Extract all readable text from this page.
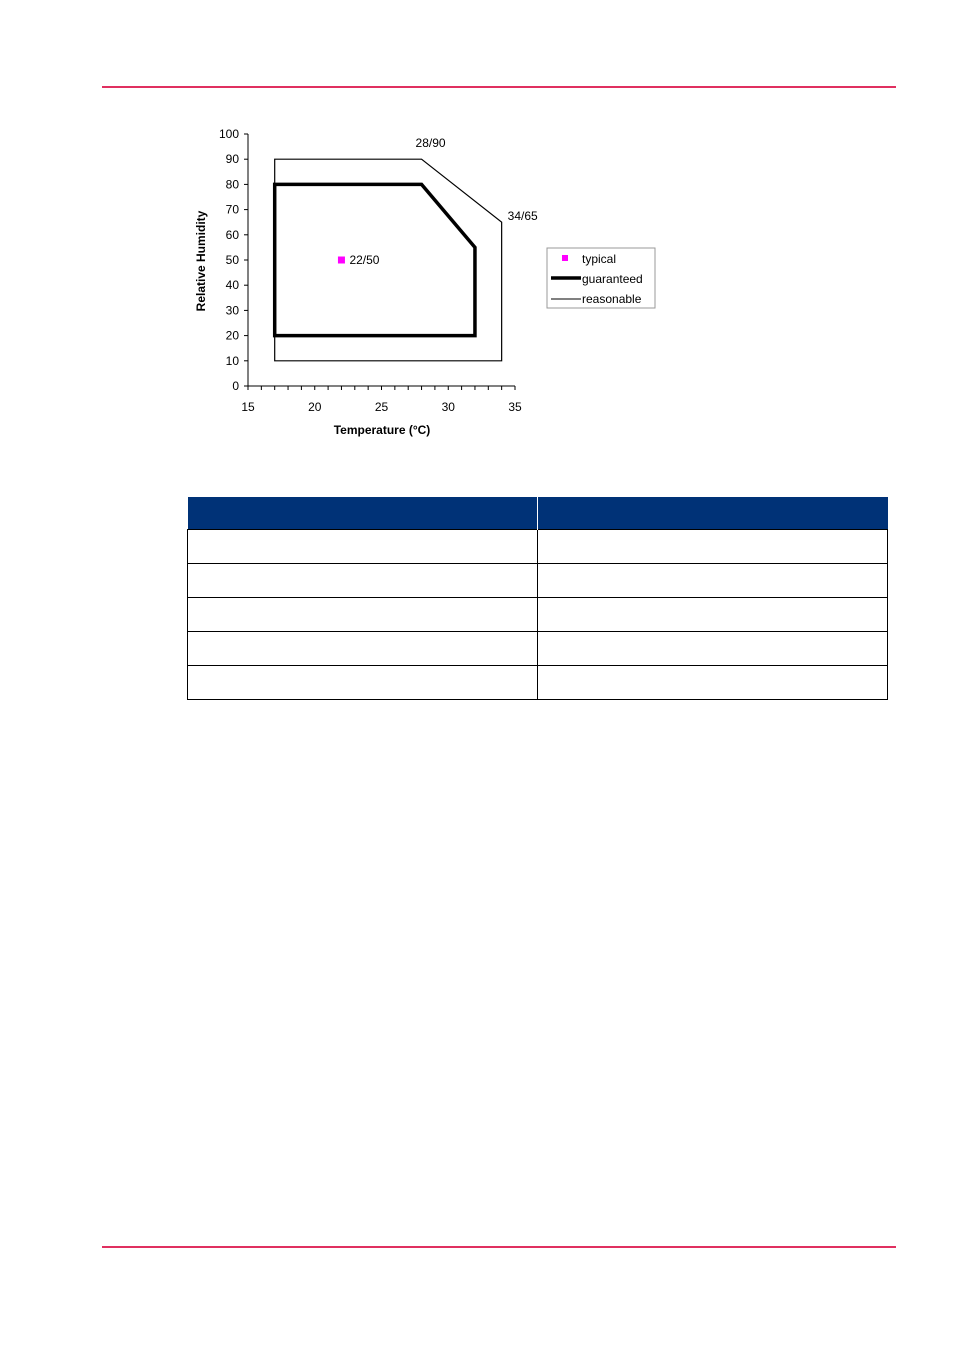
0
10
20
30
40
50
60
70
80
90
100
15	20	25	30	35
28/90
34/65
22/50
Temperature (°C)
Relative Humidity	typical
guaranteed
reasonable
